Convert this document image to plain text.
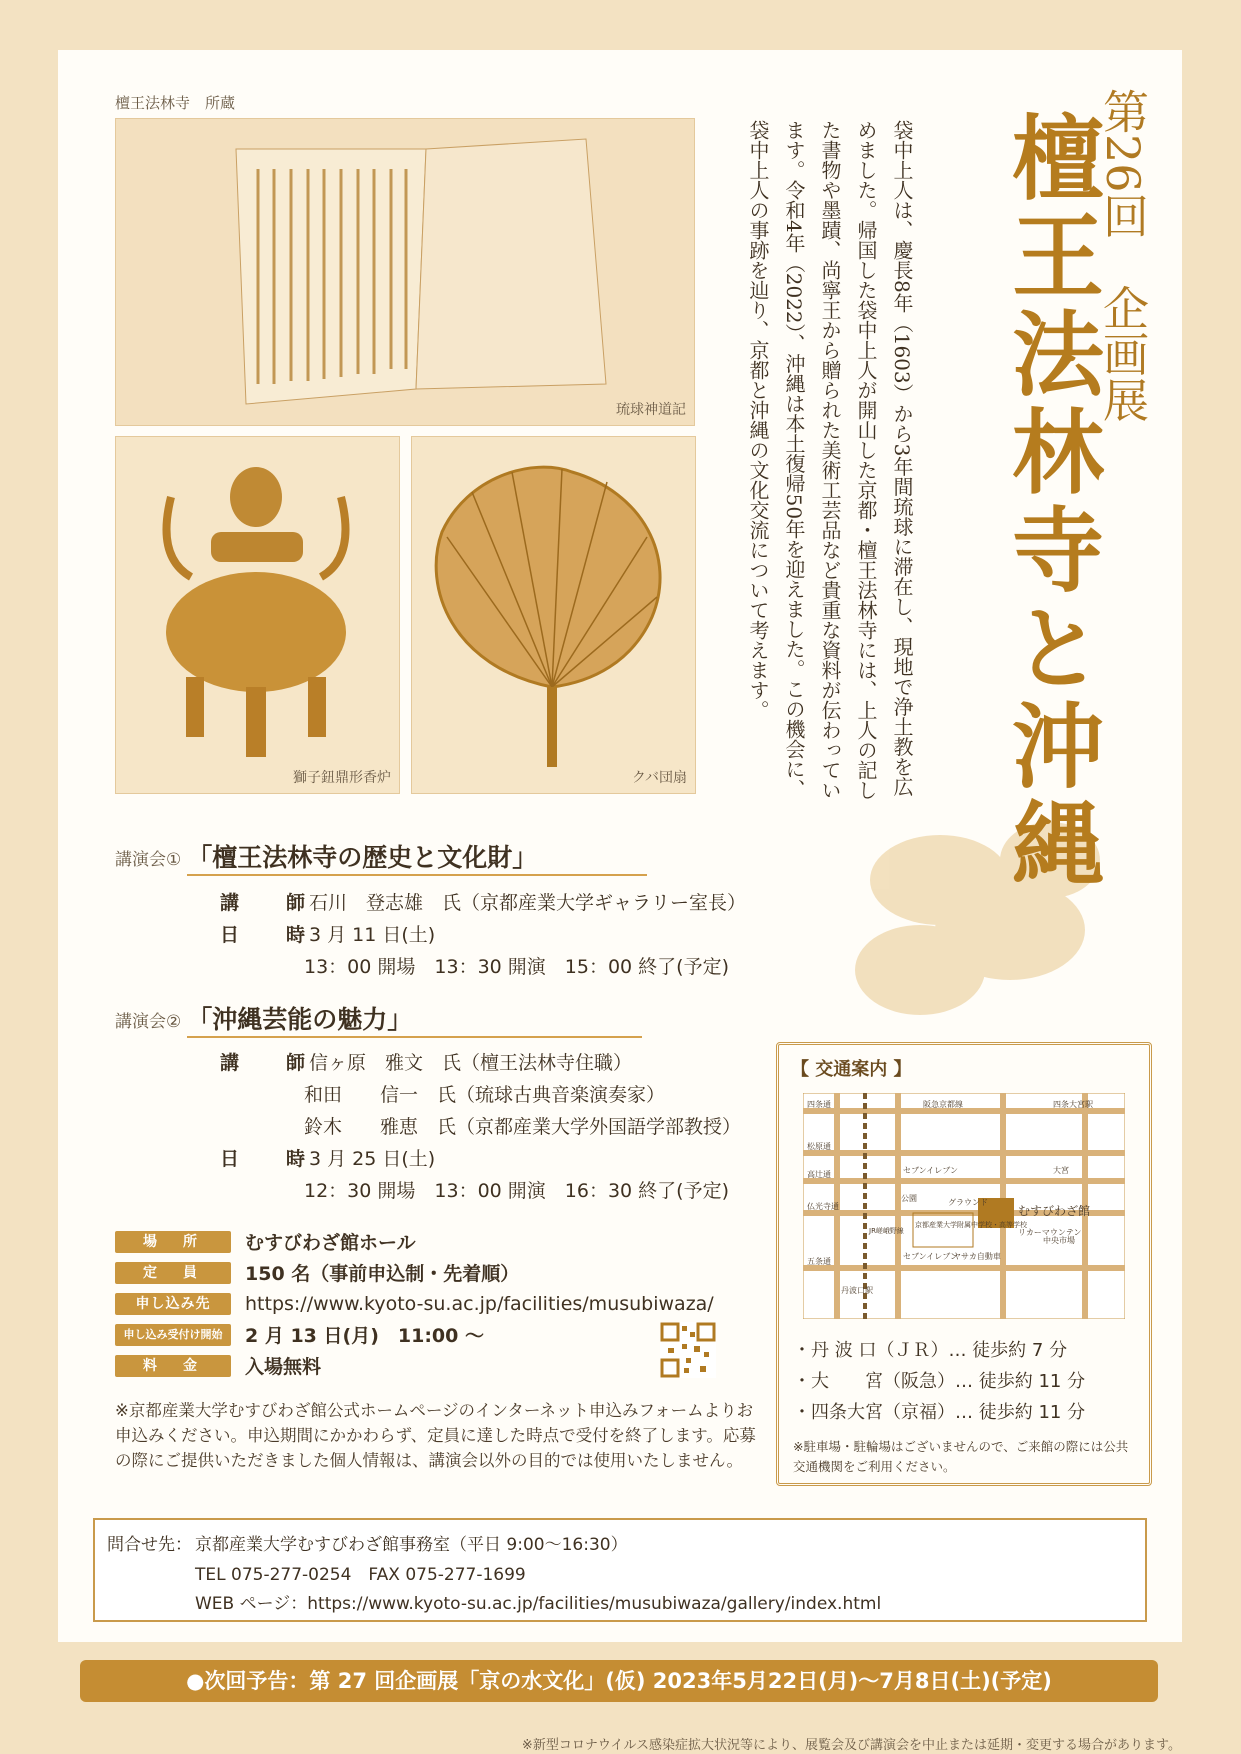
檀王法林寺　所蔵
琉球神道記
獅子鈕鼎形香炉	クバ団扇
第26回　企画展
檀王法林寺と沖縄
袋中上人は、慶長8年（1603）から3年間琉球に滞在し、現地で浄土教を広めました。帰国した袋中上人が開山した京都・檀王法林寺には、上人の記した書物や墨蹟、尚寧王から贈られた美術工芸品など貴重な資料が伝わっています。令和4年（2022）、沖縄は本土復帰50年を迎えました。この機会に、袋中上人の事跡を辿り、京都と沖縄の文化交流について考えます。
講演会① 「檀王法林寺の歴史と文化財」
講　師：石川　登志雄　氏（京都産業大学ギャラリー室長）
日　時：3 月 11 日(土)
13：00 開場　13：30 開演　15：00 終了(予定)
講演会② 「沖縄芸能の魅力」
講　師：信ヶ原　雅文　氏（檀王法林寺住職）
和田　　信一　氏（琉球古典音楽演奏家）
鈴木　　雅恵　氏（京都産業大学外国語学部教授）
日　時：3 月 25 日(土)
12：30 開場　13：00 開演　16：30 終了(予定)
場　所	むすびわざ館ホール
定　員	150 名（事前申込制・先着順）
申し込み先	https://www.kyoto-su.ac.jp/facilities/musubiwaza/
申し込み受付け開始	2 月 13 日(月)　11:00 ～
料　金	入場無料
※京都産業大学むすびわざ館公式ホームページのインターネット申込みフォームよりお申込みください。申込期間にかかわらず、定員に達した時点で受付を終了します。応募の際にご提供いただきました個人情報は、講演会以外の目的では使用いたしません。
【 交通案内 】
むすびわざ館
グラウンド
京都産業大学附属中学校・高等学校
公園
四条通
松原通
高辻通
仏光寺通
五条通
セブンイレブン
セブンイレブン
リカーマウンテン
ヤサカ自動車
四条大宮駅
大宮
丹波口駅
中央市場
阪急京都線
JR嵯峨野線
・丹 波 口（ＪＲ）… 徒歩約 7 分
・大　　宮（阪急）… 徒歩約 11 分
・四条大宮（京福）… 徒歩約 11 分
※駐車場・駐輪場はございませんので、ご来館の際には公共交通機関をご利用ください。
問合せ先： 京都産業大学むすびわざ館事務室（平日 9:00〜16:30）
TEL 075-277-0254　FAX 075-277-1699
WEB ページ：https://www.kyoto-su.ac.jp/facilities/musubiwaza/gallery/index.html
●次回予告：第 27 回企画展「京の水文化」(仮) 2023年5月22日(月)～7月8日(土)(予定)
※新型コロナウイルス感染症拡大状況等により、展覧会及び講演会を中止または延期・変更する場合があります。
